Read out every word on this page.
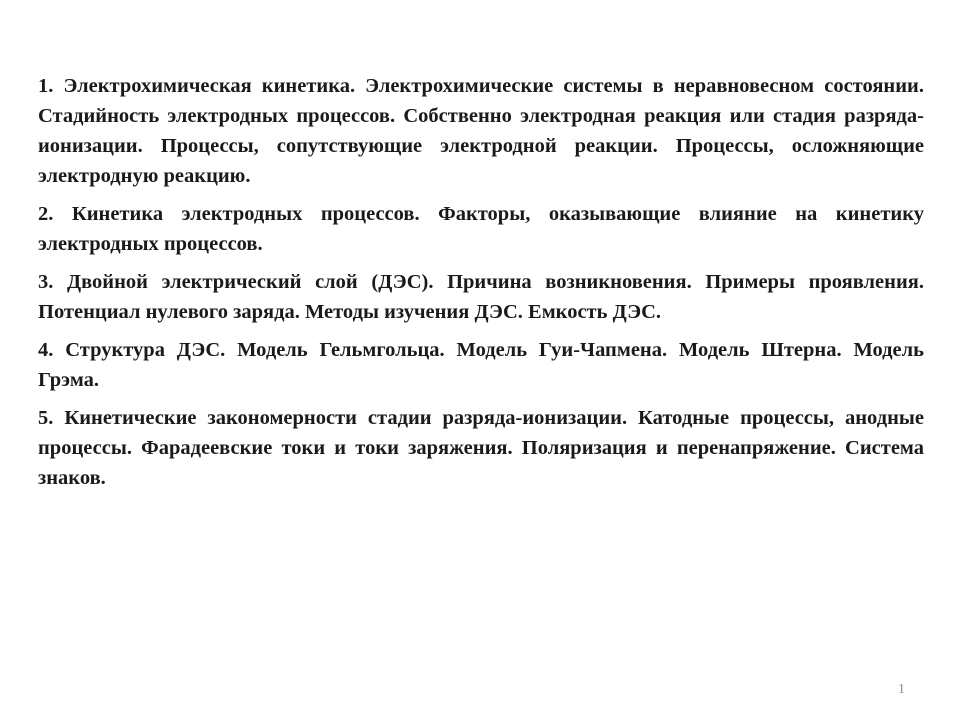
1. Электрохимическая кинетика. Электрохимические системы в неравновесном состоянии. Стадийность электродных процессов. Собственно электродная реакция или стадия разряда-ионизации. Процессы, сопутствующие электродной реакции. Процессы, осложняющие электродную реакцию.

2. Кинетика электродных процессов. Факторы, оказывающие влияние на кинетику электродных процессов.

3. Двойной электрический слой (ДЭС). Причина возникновения. Примеры проявления. Потенциал нулевого заряда. Методы изучения ДЭС. Емкость ДЭС.

4. Структура ДЭС. Модель Гельмгольца. Модель Гуи-Чапмена. Модель Штерна. Модель Грэма.

5. Кинетические закономерности стадии разряда-ионизации. Катодные процессы, анодные процессы. Фарадеевские токи и токи заряжения. Поляризация и перенапряжение. Система знаков.

1
